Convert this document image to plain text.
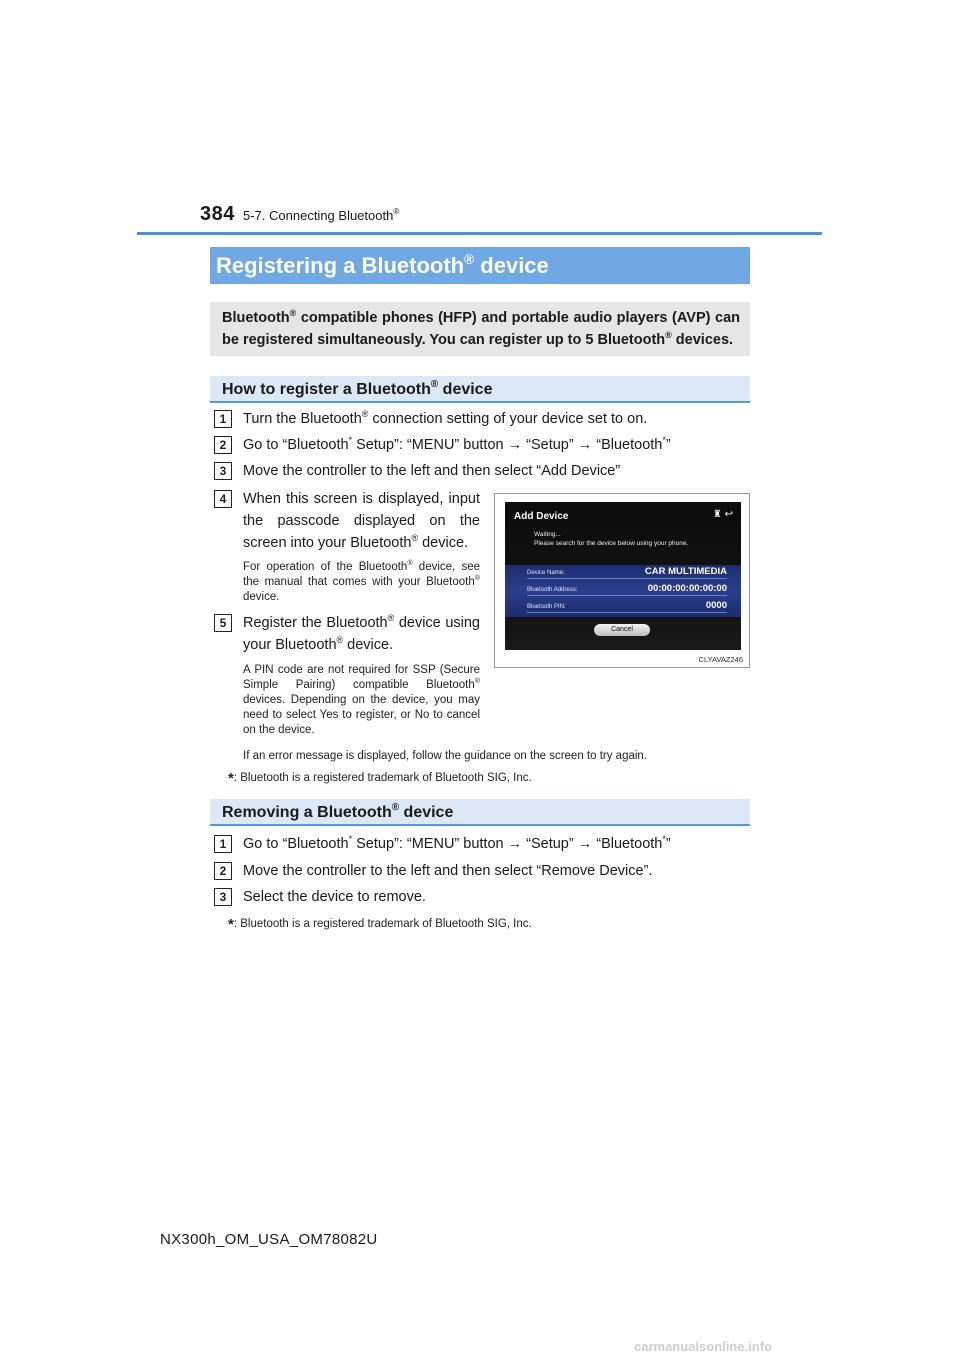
384 5-7. Connecting Bluetooth®
Registering a Bluetooth® device
Bluetooth® compatible phones (HFP) and portable audio players (AVP) can be registered simultaneously. You can register up to 5 Bluetooth® devices.
How to register a Bluetooth® device
1	Turn the Bluetooth® connection setting of your device set to on.
2	Go to “Bluetooth* Setup”: “MENU” button → “Setup” → “Bluetooth*”
3	Move the controller to the left and then select “Add Device”
4	When this screen is displayed, input the passcode displayed on the screen into your Bluetooth® device.
For operation of the Bluetooth® device, see the manual that comes with your Bluetooth® device.
5	Register the Bluetooth® device using your Bluetooth® device.
A PIN code are not required for SSP (Secure Simple Pairing) compatible Bluetooth® devices. Depending on the device, you may need to select Yes to register, or No to cancel on the device.
If an error message is displayed, follow the guidance on the screen to try again.
*: Bluetooth is a registered trademark of Bluetooth SIG, Inc.
Add Device	♜ ↩
Waiting...
Please search for the device below using your phone.
Device Name:	CAR MULTIMEDIA
Bluetooth Address:	00:00:00:00:00:00
Bluetooth PIN:	0000
Cancel
CLYAVAZ246
Removing a Bluetooth® device
1	Go to “Bluetooth* Setup”: “MENU” button → “Setup” → “Bluetooth*”
2	Move the controller to the left and then select “Remove Device”.
3	Select the device to remove.
*: Bluetooth is a registered trademark of Bluetooth SIG, Inc.
NX300h_OM_USA_OM78082U
carmanualsonline.info
